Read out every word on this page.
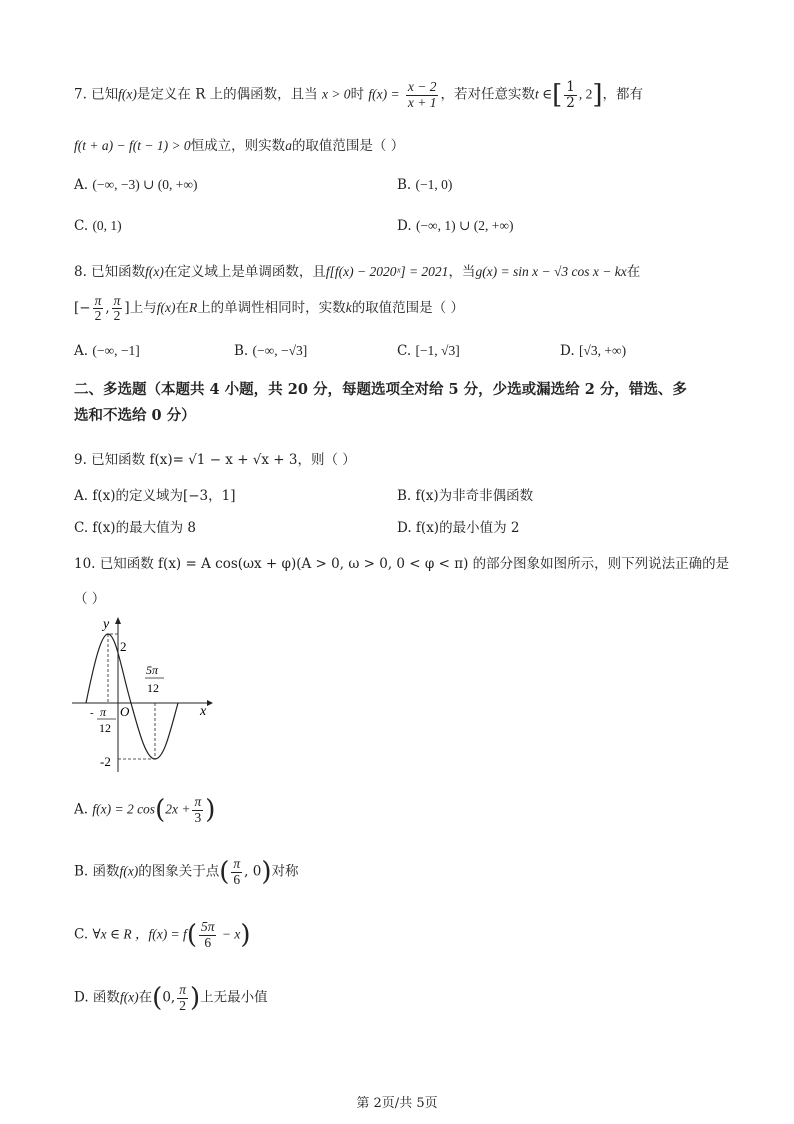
7. 已知f(x)是定义在 R 上的偶函数，且当 x > 0时 $f(x) = \frac{x - 2}{x + 1}$ ，若对任意实数t ∈[ $\frac{1}{2}$ , 2]，都有
f(t + a) − f(t − 1) > 0恒成立，则实数a的取值范围是（ ）
A. (−∞, −3) ∪ (0, +∞)	B. (−1, 0)
C. (0, 1)	D. (−∞, 1) ∪ (2, +∞)
8. 已知函数f(x)在定义域上是单调函数，且f[f(x) − 2020ˣ] = 2021，当g(x) = sin x − √3 cos x − kx在
[− $\frac{\pi}{2}$ , $\frac{\pi}{2}$ ]上与f(x)在R上的单调性相同时，实数k的取值范围是（ ）
A. (−∞, −1]	B. (−∞, −√3]	C. [−1, √3]	D. [√3, +∞)
二、多选题（本题共 4 小题，共 20 分，每题选项全对给 5 分，少选或漏选给 2 分，错选、多
选和不选给 0 分）
9. 已知函数 f(x)= √1 − x + √x + 3，则（ ）
A. f(x)的定义域为[−3，1]	B. f(x)为非奇非偶函数
C. f(x)的最大值为 8	D. f(x)的最小值为 2
10. 已知函数 f(x) = A cos(ωx + φ)(A > 0, ω > 0, 0 < φ < π) 的部分图象如图所示，则下列说法正确的是
（ ）
y
x
O
2
-2
- π
12
5π
12
A. f(x) = 2 $\cos(2x + \frac{\pi}{3}$ )
B. 函数f(x)的图象关于点( $\frac{\pi}{6}$ , 0)对称
C. ∀x ∈ R ，$f(x) = f( \frac{5\pi}{6} - x)$
D. 函数f(x)在(0, $\frac{\pi}{2}$ )上无最小值
第 2页/共 5页
